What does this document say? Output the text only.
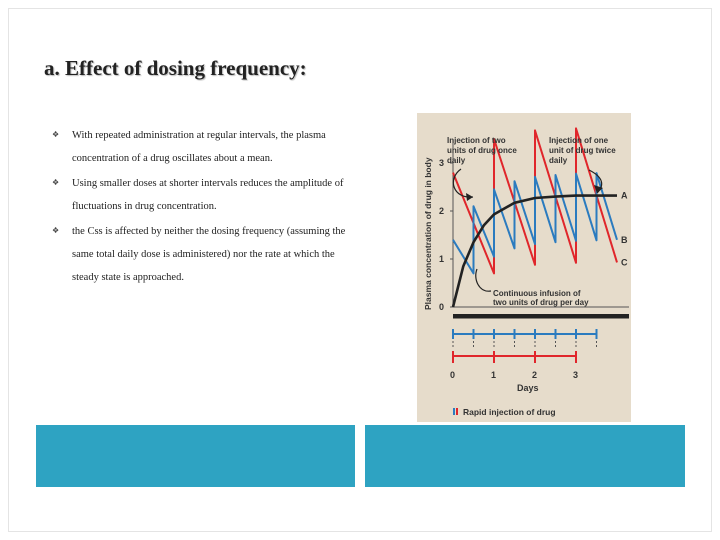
a. Effect of dosing frequency:
❖ With repeated administration at regular intervals, the plasma concentration of a drug oscillates about a mean.
❖ Using smaller doses at shorter intervals reduces the amplitude of fluctuations in drug concentration.
❖ the Css is affected by neither the dosing frequency (assuming the same total daily dose is administered) nor the rate at which the steady state is approached.	Plasma concentration of drug in body 3
2
1
0
A
B
C
Injection of two units of drug once daily
Injection of one unit of drug twice daily
Continuous infusion of two units of drug per day
0	1	2	3
Rapid injection of drug
Days
